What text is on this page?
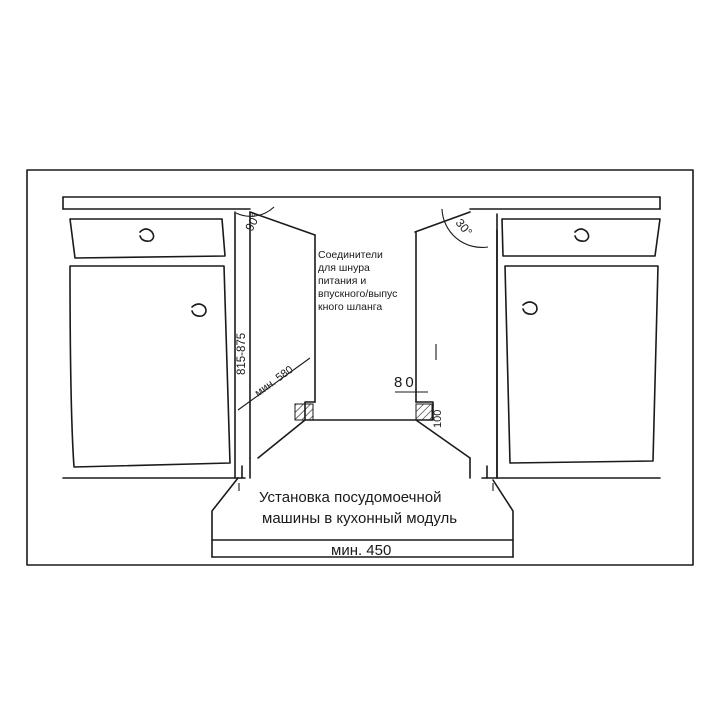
Соединители
для шнура
питания и
впускного/выпус
кного шланга
90°	30°
815-875
мин. 580	80
100
Установка посудомоечной
машины в кухонный модуль
мин. 450
